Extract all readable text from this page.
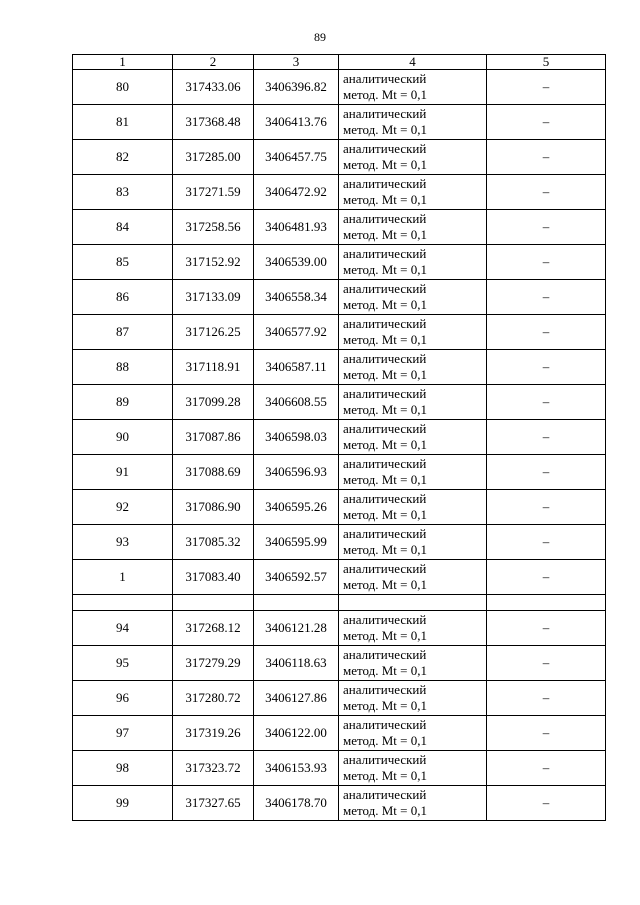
89
1	2	3	4	5
80	317433.06	3406396.82	аналитический
метод. Mt = 0,1	–
81	317368.48	3406413.76	аналитический
метод. Mt = 0,1	–
82	317285.00	3406457.75	аналитический
метод. Mt = 0,1	–
83	317271.59	3406472.92	аналитический
метод. Mt = 0,1	–
84	317258.56	3406481.93	аналитический
метод. Mt = 0,1	–
85	317152.92	3406539.00	аналитический
метод. Mt = 0,1	–
86	317133.09	3406558.34	аналитический
метод. Mt = 0,1	–
87	317126.25	3406577.92	аналитический
метод. Mt = 0,1	–
88	317118.91	3406587.11	аналитический
метод. Mt = 0,1	–
89	317099.28	3406608.55	аналитический
метод. Mt = 0,1	–
90	317087.86	3406598.03	аналитический
метод. Mt = 0,1	–
91	317088.69	3406596.93	аналитический
метод. Mt = 0,1	–
92	317086.90	3406595.26	аналитический
метод. Mt = 0,1	–
93	317085.32	3406595.99	аналитический
метод. Mt = 0,1	–
1	317083.40	3406592.57	аналитический
метод. Mt = 0,1	–

94	317268.12	3406121.28	аналитический
метод. Mt = 0,1	–
95	317279.29	3406118.63	аналитический
метод. Mt = 0,1	–
96	317280.72	3406127.86	аналитический
метод. Mt = 0,1	–
97	317319.26	3406122.00	аналитический
метод. Mt = 0,1	–
98	317323.72	3406153.93	аналитический
метод. Mt = 0,1	–
99	317327.65	3406178.70	аналитический
метод. Mt = 0,1	–
